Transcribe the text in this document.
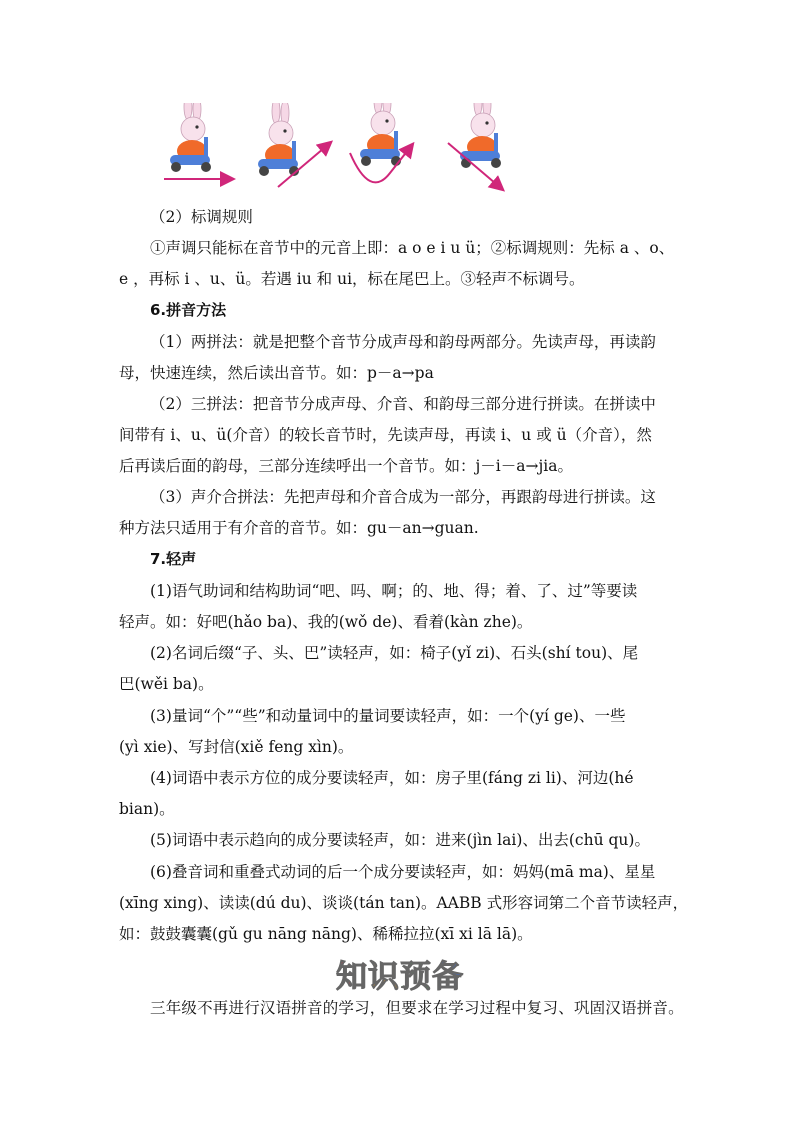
（2）标调规则
①声调只能标在音节中的元音上即：a o e i u ü；②标调规则：先标 a 、o、
e ，再标 i 、u、ü。若遇 iu 和 ui，标在尾巴上。③轻声不标调号。
6.拼音方法
（1）两拼法：就是把整个音节分成声母和韵母两部分。先读声母，再读韵
母，快速连续，然后读出音节。如：p－a→pa
（2）三拼法：把音节分成声母、介音、和韵母三部分进行拼读。在拼读中
间带有 i、u、ü(介音）的较长音节时，先读声母，再读 i、u 或 ü（介音），然
后再读后面的韵母，三部分连续呼出一个音节。如：j－i－a→jia。
（3）声介合拼法：先把声母和介音合成为一部分，再跟韵母进行拼读。这
种方法只适用于有介音的音节。如：gu－an→guan.
7.轻声
(1)语气助词和结构助词“吧、吗、啊；的、地、得；着、了、过”等要读
轻声。如：好吧(hǎo ba)、我的(wǒ de)、看着(kàn zhe)。
(2)名词后缀“子、头、巴”读轻声，如：椅子(yǐ zi)、石头(shí tou)、尾
巴(wěi ba)。
(3)量词“个”“些”和动量词中的量词要读轻声，如：一个(yí ge)、一些
(yì xie)、写封信(xiě feng xìn)。
(4)词语中表示方位的成分要读轻声，如：房子里(fáng zi li)、河边(hé
bian)。
(5)词语中表示趋向的成分要读轻声，如：进来(jìn lai)、出去(chū qu)。
(6)叠音词和重叠式动词的后一个成分要读轻声，如：妈妈(mā ma)、星星
(xīng xing)、读读(dú du)、谈谈(tán tan)。AABB 式形容词第二个音节读轻声，
如：鼓鼓囊囊(gǔ gu nāng nāng)、稀稀拉拉(xī xi lā lā)。
知识预备
三年级不再进行汉语拼音的学习，但要求在学习过程中复习、巩固汉语拼音。
